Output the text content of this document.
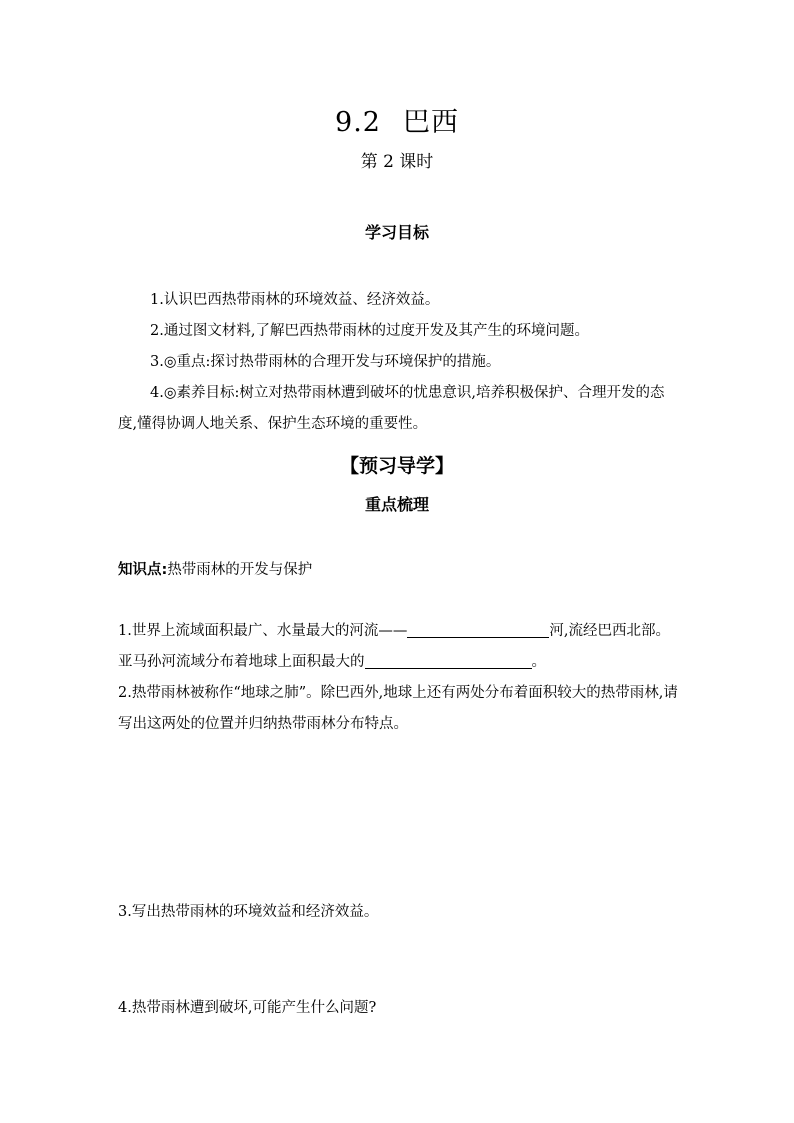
9.2 巴西
第 2 课时
学习目标
1.认识巴西热带雨林的环境效益、经济效益。
2.通过图文材料,了解巴西热带雨林的过度开发及其产生的环境问题。
3.◎重点:探讨热带雨林的合理开发与环境保护的措施。
4.◎素养目标:树立对热带雨林遭到破坏的忧患意识,培养积极保护、合理开发的态度,懂得协调人地关系、保护生态环境的重要性。
【预习导学】
重点梳理
知识点:热带雨林的开发与保护
1.世界上流域面积最广、水量最大的河流——	河,流经巴西北部。亚马孙河流域分布着地球上面积最大的	。
2.热带雨林被称作“地球之肺”。除巴西外,地球上还有两处分布着面积较大的热带雨林,请写出这两处的位置并归纳热带雨林分布特点。
3.写出热带雨林的环境效益和经济效益。
4.热带雨林遭到破坏,可能产生什么问题?
